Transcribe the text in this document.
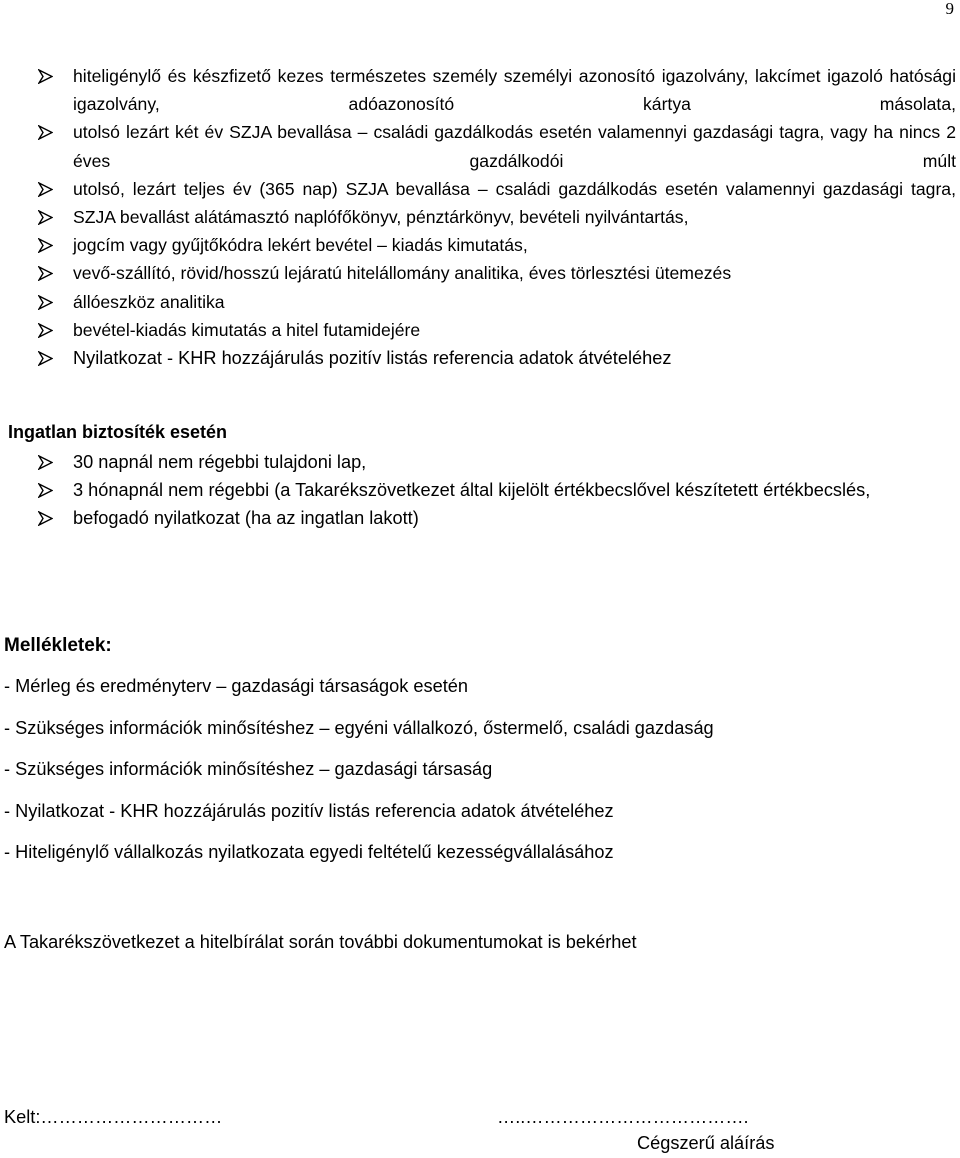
9
hiteligénylő és készfizető kezes természetes személy személyi azonosító igazolvány, lakcímet igazoló hatósági igazolvány, adóazonosító kártya másolata,
utolsó lezárt két év SZJA bevallása – családi gazdálkodás esetén valamennyi gazdasági tagra, vagy ha nincs 2 éves gazdálkodói múlt
utolsó, lezárt teljes év (365 nap) SZJA bevallása – családi gazdálkodás esetén valamennyi gazdasági tagra,
SZJA bevallást alátámasztó naplófőkönyv, pénztárkönyv, bevételi nyilvántartás,
jogcím vagy gyűjtőkódra lekért bevétel – kiadás kimutatás,
vevő-szállító, rövid/hosszú lejáratú hitelállomány analitika, éves törlesztési ütemezés
állóeszköz analitika
bevétel-kiadás kimutatás a hitel futamidejére
Nyilatkozat - KHR hozzájárulás pozitív listás referencia adatok átvételéhez
Ingatlan biztosíték esetén
30 napnál nem régebbi tulajdoni lap,
3 hónapnál nem régebbi (a Takarékszövetkezet által kijelölt értékbecslővel készítetett értékbecslés,
befogadó nyilatkozat (ha az ingatlan lakott)
Mellékletek:
- Mérleg és eredményterv – gazdasági társaságok esetén
- Szükséges információk minősítéshez – egyéni vállalkozó, őstermelő, családi gazdaság
- Szükséges információk minősítéshez – gazdasági társaság
- Nyilatkozat - KHR hozzájárulás pozitív listás referencia adatok átvételéhez
- Hiteligénylő vállalkozás nyilatkozata egyedi feltételű kezességvállalásához

A Takarékszövetkezet a hitelbírálat során további dokumentumokat is bekérhet

Kelt:…………………………	…..……………………………….
Cégszerű aláírás
